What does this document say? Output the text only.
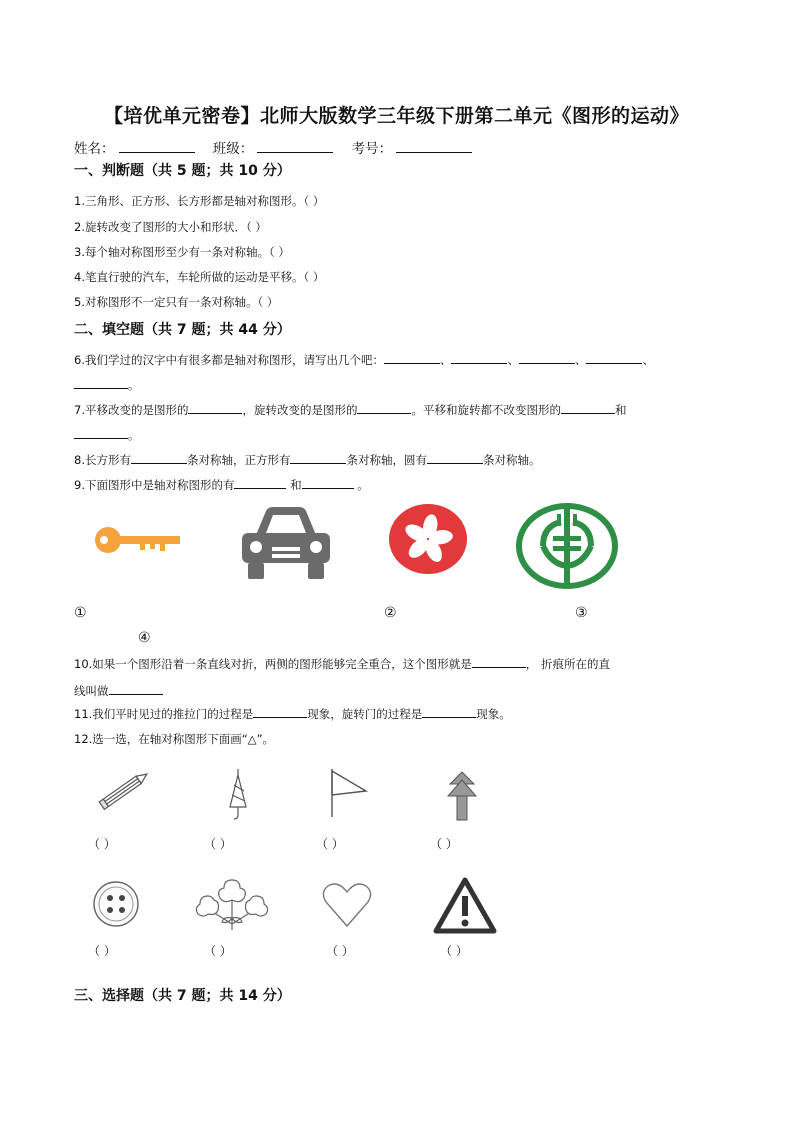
【培优单元密卷】北师大版数学三年级下册第二单元《图形的运动》
姓名：	班级：	考号：
一、判断题（共 5 题；共 10 分）
1.三角形、正方形、长方形都是轴对称图形。（ ）
2.旋转改变了图形的大小和形状．（ ）
3.每个轴对称图形至少有一条对称轴。（ ）
4.笔直行驶的汽车，车轮所做的运动是平移。（ ）
5.对称图形不一定只有一条对称轴。（ ）
二、填空题（共 7 题；共 44 分）
6.我们学过的汉字中有很多都是轴对称图形，请写出几个吧：	、	、	、	、
。
7.平移改变的是图形的	，旋转改变的是图形的	。平移和旋转都不改变图形的	和
。
8.长方形有	条对称轴，正方形有	条对称轴，圆有	条对称轴。
9.下面图形中是轴对称图形的有	和	。
①	②	③
④
10.如果一个图形沿着一条直线对折，两侧的图形能够完全重合，这个图形就是	， 折痕所在的直
线叫做
11.我们平时见过的推拉门的过程是	现象，旋转门的过程是	现象。
12.选一选，在轴对称图形下面画“△”。
（ ）	（ ）	（ ）	（ ）
（ ）	（ ）	（ ）	（ ）
三、选择题（共 7 题；共 14 分）
